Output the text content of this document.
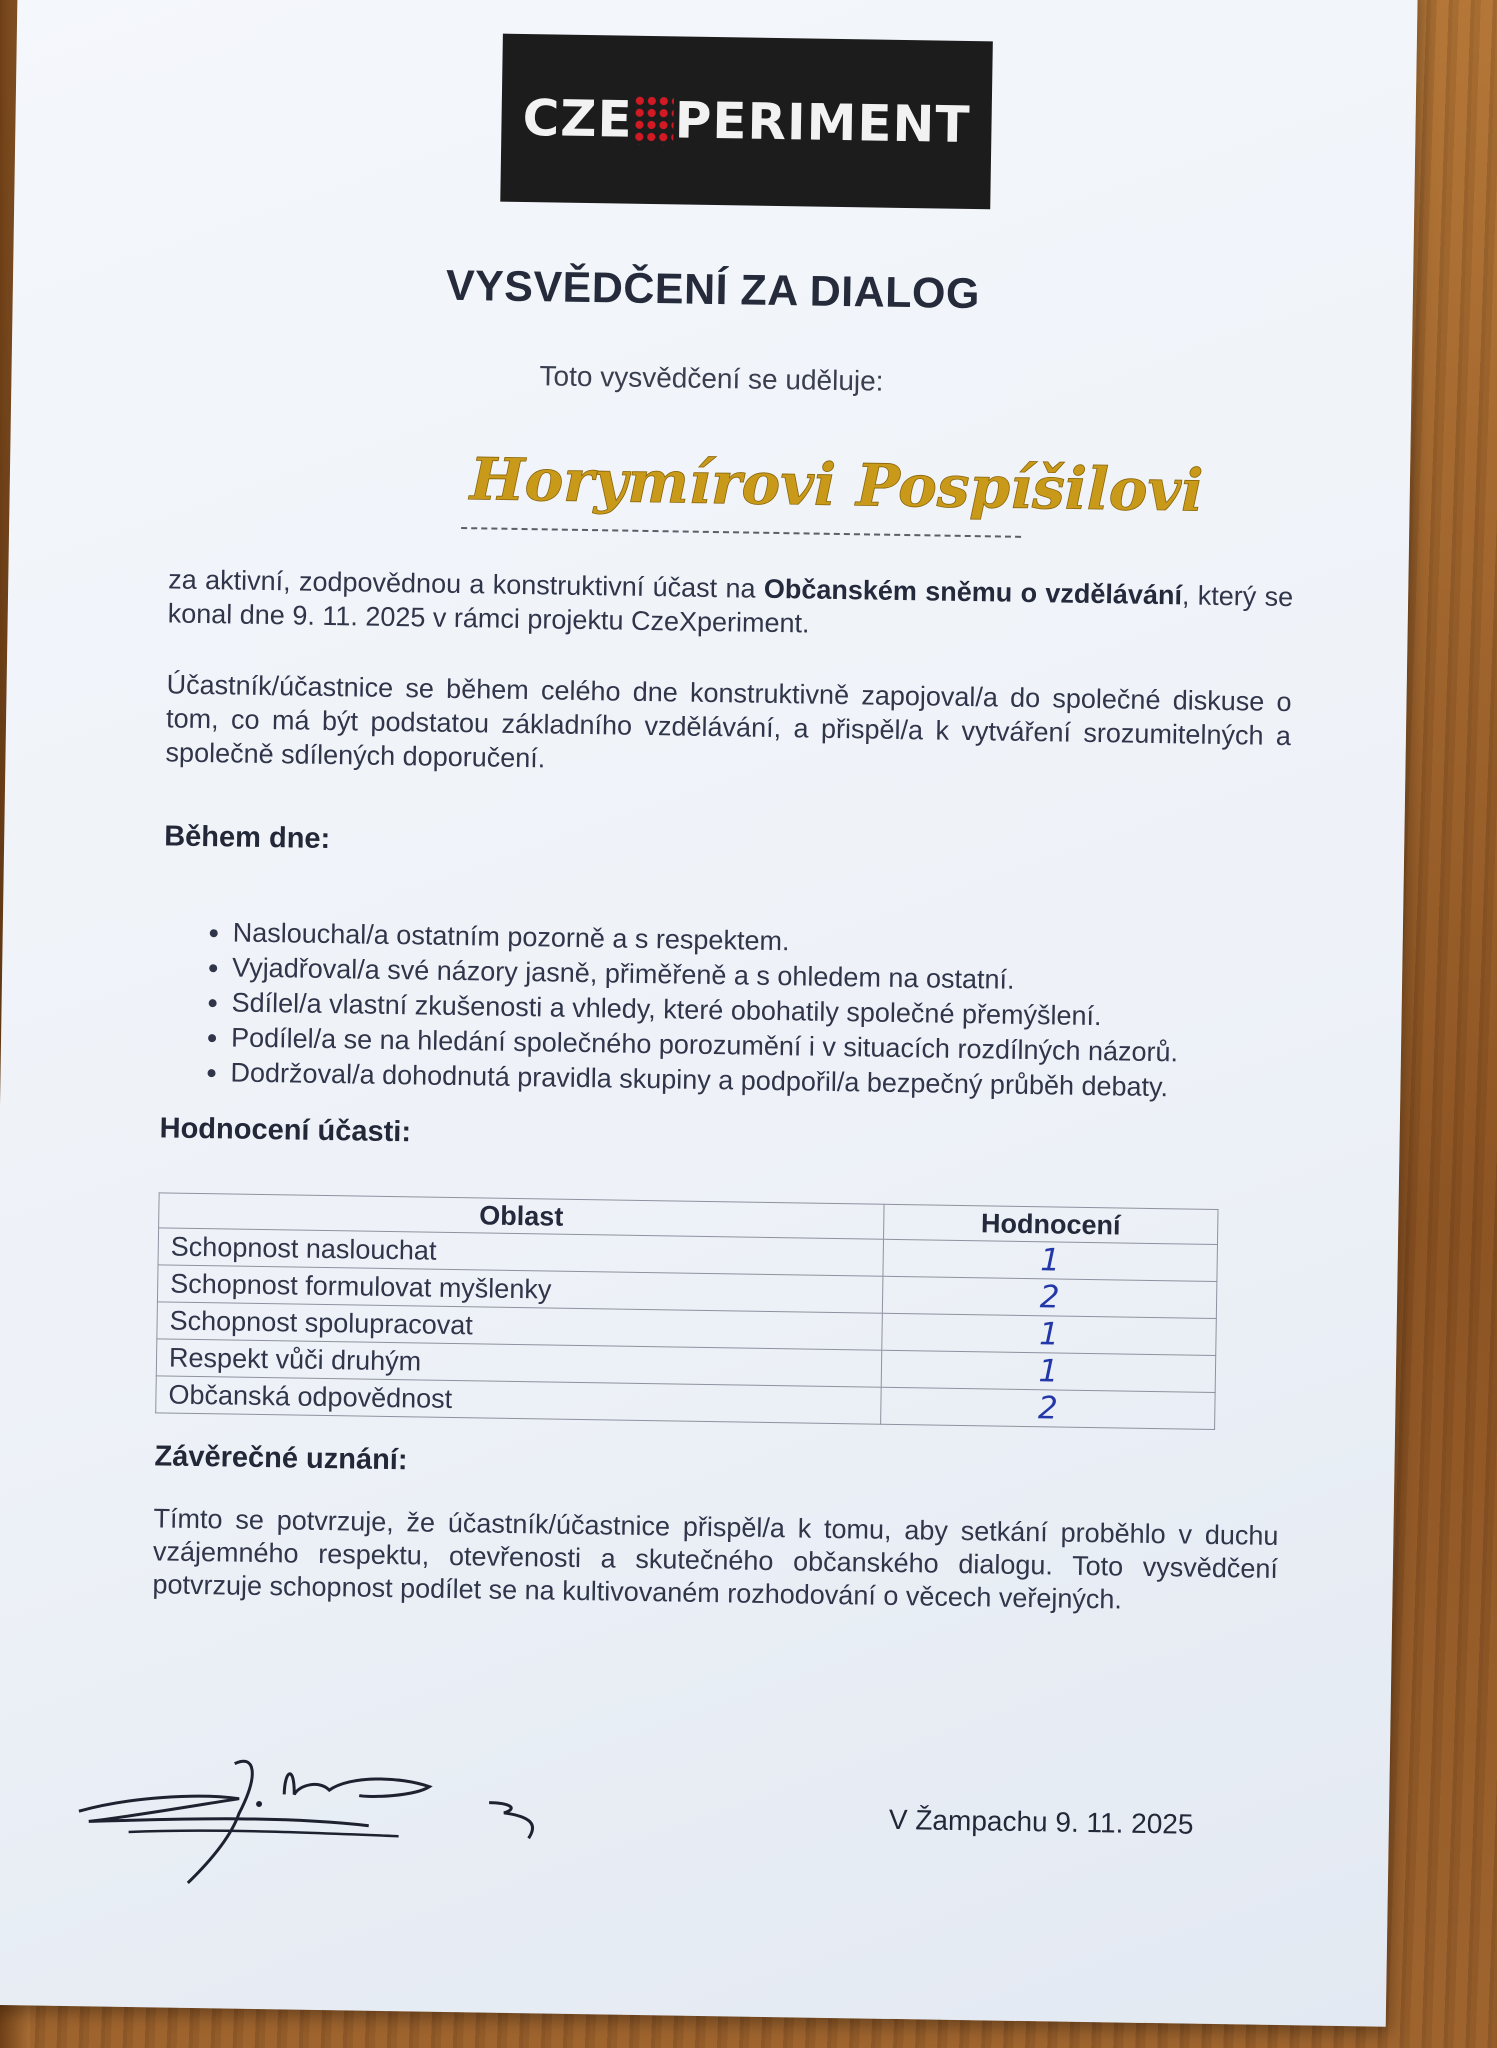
CZE PERIMENT
VYSVĚDČENÍ ZA DIALOG
Toto vysvědčení se uděluje:
Horymírovi Pospíšilovi
za aktivní, zodpovědnou a konstruktivní účast na Občanském sněmu o vzdělávání, který se konal dne 9. 11. 2025 v rámci projektu CzeXperiment.
Účastník/účastnice se během celého dne konstruktivně zapojoval/a do společné diskuse o tom, co má být podstatou základního vzdělávání, a přispěl/a k vytváření srozumitelných a společně sdílených doporučení.
Během dne:
• Naslouchal/a ostatním pozorně a s respektem.
• Vyjadřoval/a své názory jasně, přiměřeně a s ohledem na ostatní.
• Sdílel/a vlastní zkušenosti a vhledy, které obohatily společné přemýšlení.
• Podílel/a se na hledání společného porozumění i v situacích rozdílných názorů.
• Dodržoval/a dohodnutá pravidla skupiny a podpořil/a bezpečný průběh debaty.
Hodnocení účasti:
Oblast	Hodnocení
Schopnost naslouchat	1
Schopnost formulovat myšlenky	2
Schopnost spolupracovat	1
Respekt vůči druhým	1
Občanská odpovědnost	2
Závěrečné uznání:
Tímto se potvrzuje, že účastník/účastnice přispěl/a k tomu, aby setkání proběhlo v duchu vzájemného respektu, otevřenosti a skutečného občanského dialogu. Toto vysvědčení potvrzuje schopnost podílet se na kultivovaném rozhodování o věcech veřejných.
V Žampachu 9. 11. 2025
